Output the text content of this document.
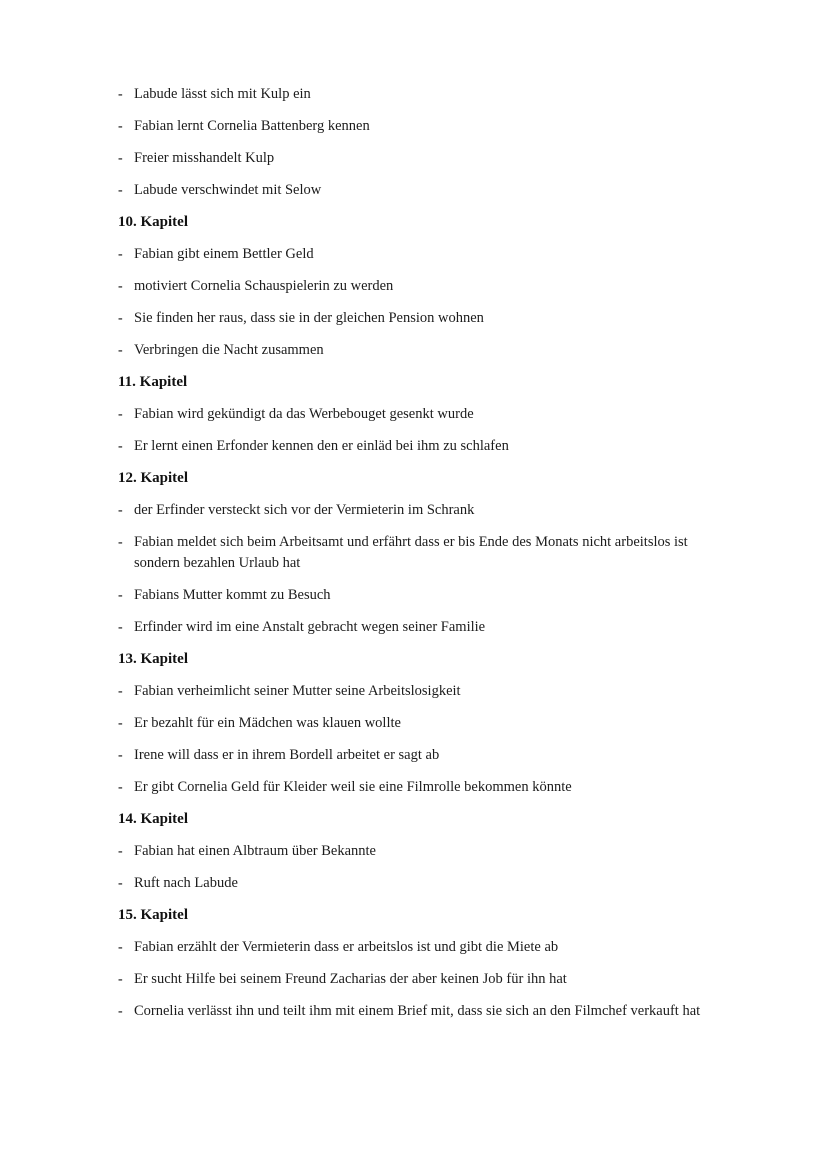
- Labude lässt sich mit Kulp ein
- Fabian lernt Cornelia Battenberg kennen
- Freier misshandelt Kulp
- Labude verschwindet mit Selow
10. Kapitel
- Fabian gibt einem Bettler Geld
- motiviert Cornelia Schauspielerin zu werden
- Sie finden her raus, dass sie in der gleichen Pension wohnen
- Verbringen die Nacht zusammen
11. Kapitel
- Fabian wird gekündigt da das Werbebouget gesenkt wurde
- Er lernt einen Erfonder kennen den er einläd bei ihm zu schlafen
12. Kapitel
- der Erfinder versteckt sich vor der Vermieterin im Schrank
- Fabian meldet sich beim Arbeitsamt und erfährt dass er bis Ende des Monats nicht arbeitslos ist sondern bezahlen Urlaub hat
- Fabians Mutter kommt zu Besuch
- Erfinder wird im eine Anstalt gebracht wegen seiner Familie
13. Kapitel
- Fabian verheimlicht seiner Mutter seine Arbeitslosigkeit
- Er bezahlt für ein Mädchen was klauen wollte
- Irene will dass er in ihrem Bordell arbeitet er sagt ab
- Er gibt Cornelia Geld für Kleider weil sie eine Filmrolle bekommen könnte
14. Kapitel
- Fabian hat einen Albtraum über Bekannte
- Ruft nach Labude
15. Kapitel
- Fabian erzählt der Vermieterin dass er arbeitslos ist und gibt die Miete ab
- Er sucht Hilfe bei seinem Freund Zacharias der aber keinen Job für ihn hat
- Cornelia verlässt ihn und teilt ihm mit einem Brief mit, dass sie sich an den Filmchef verkauft hat
